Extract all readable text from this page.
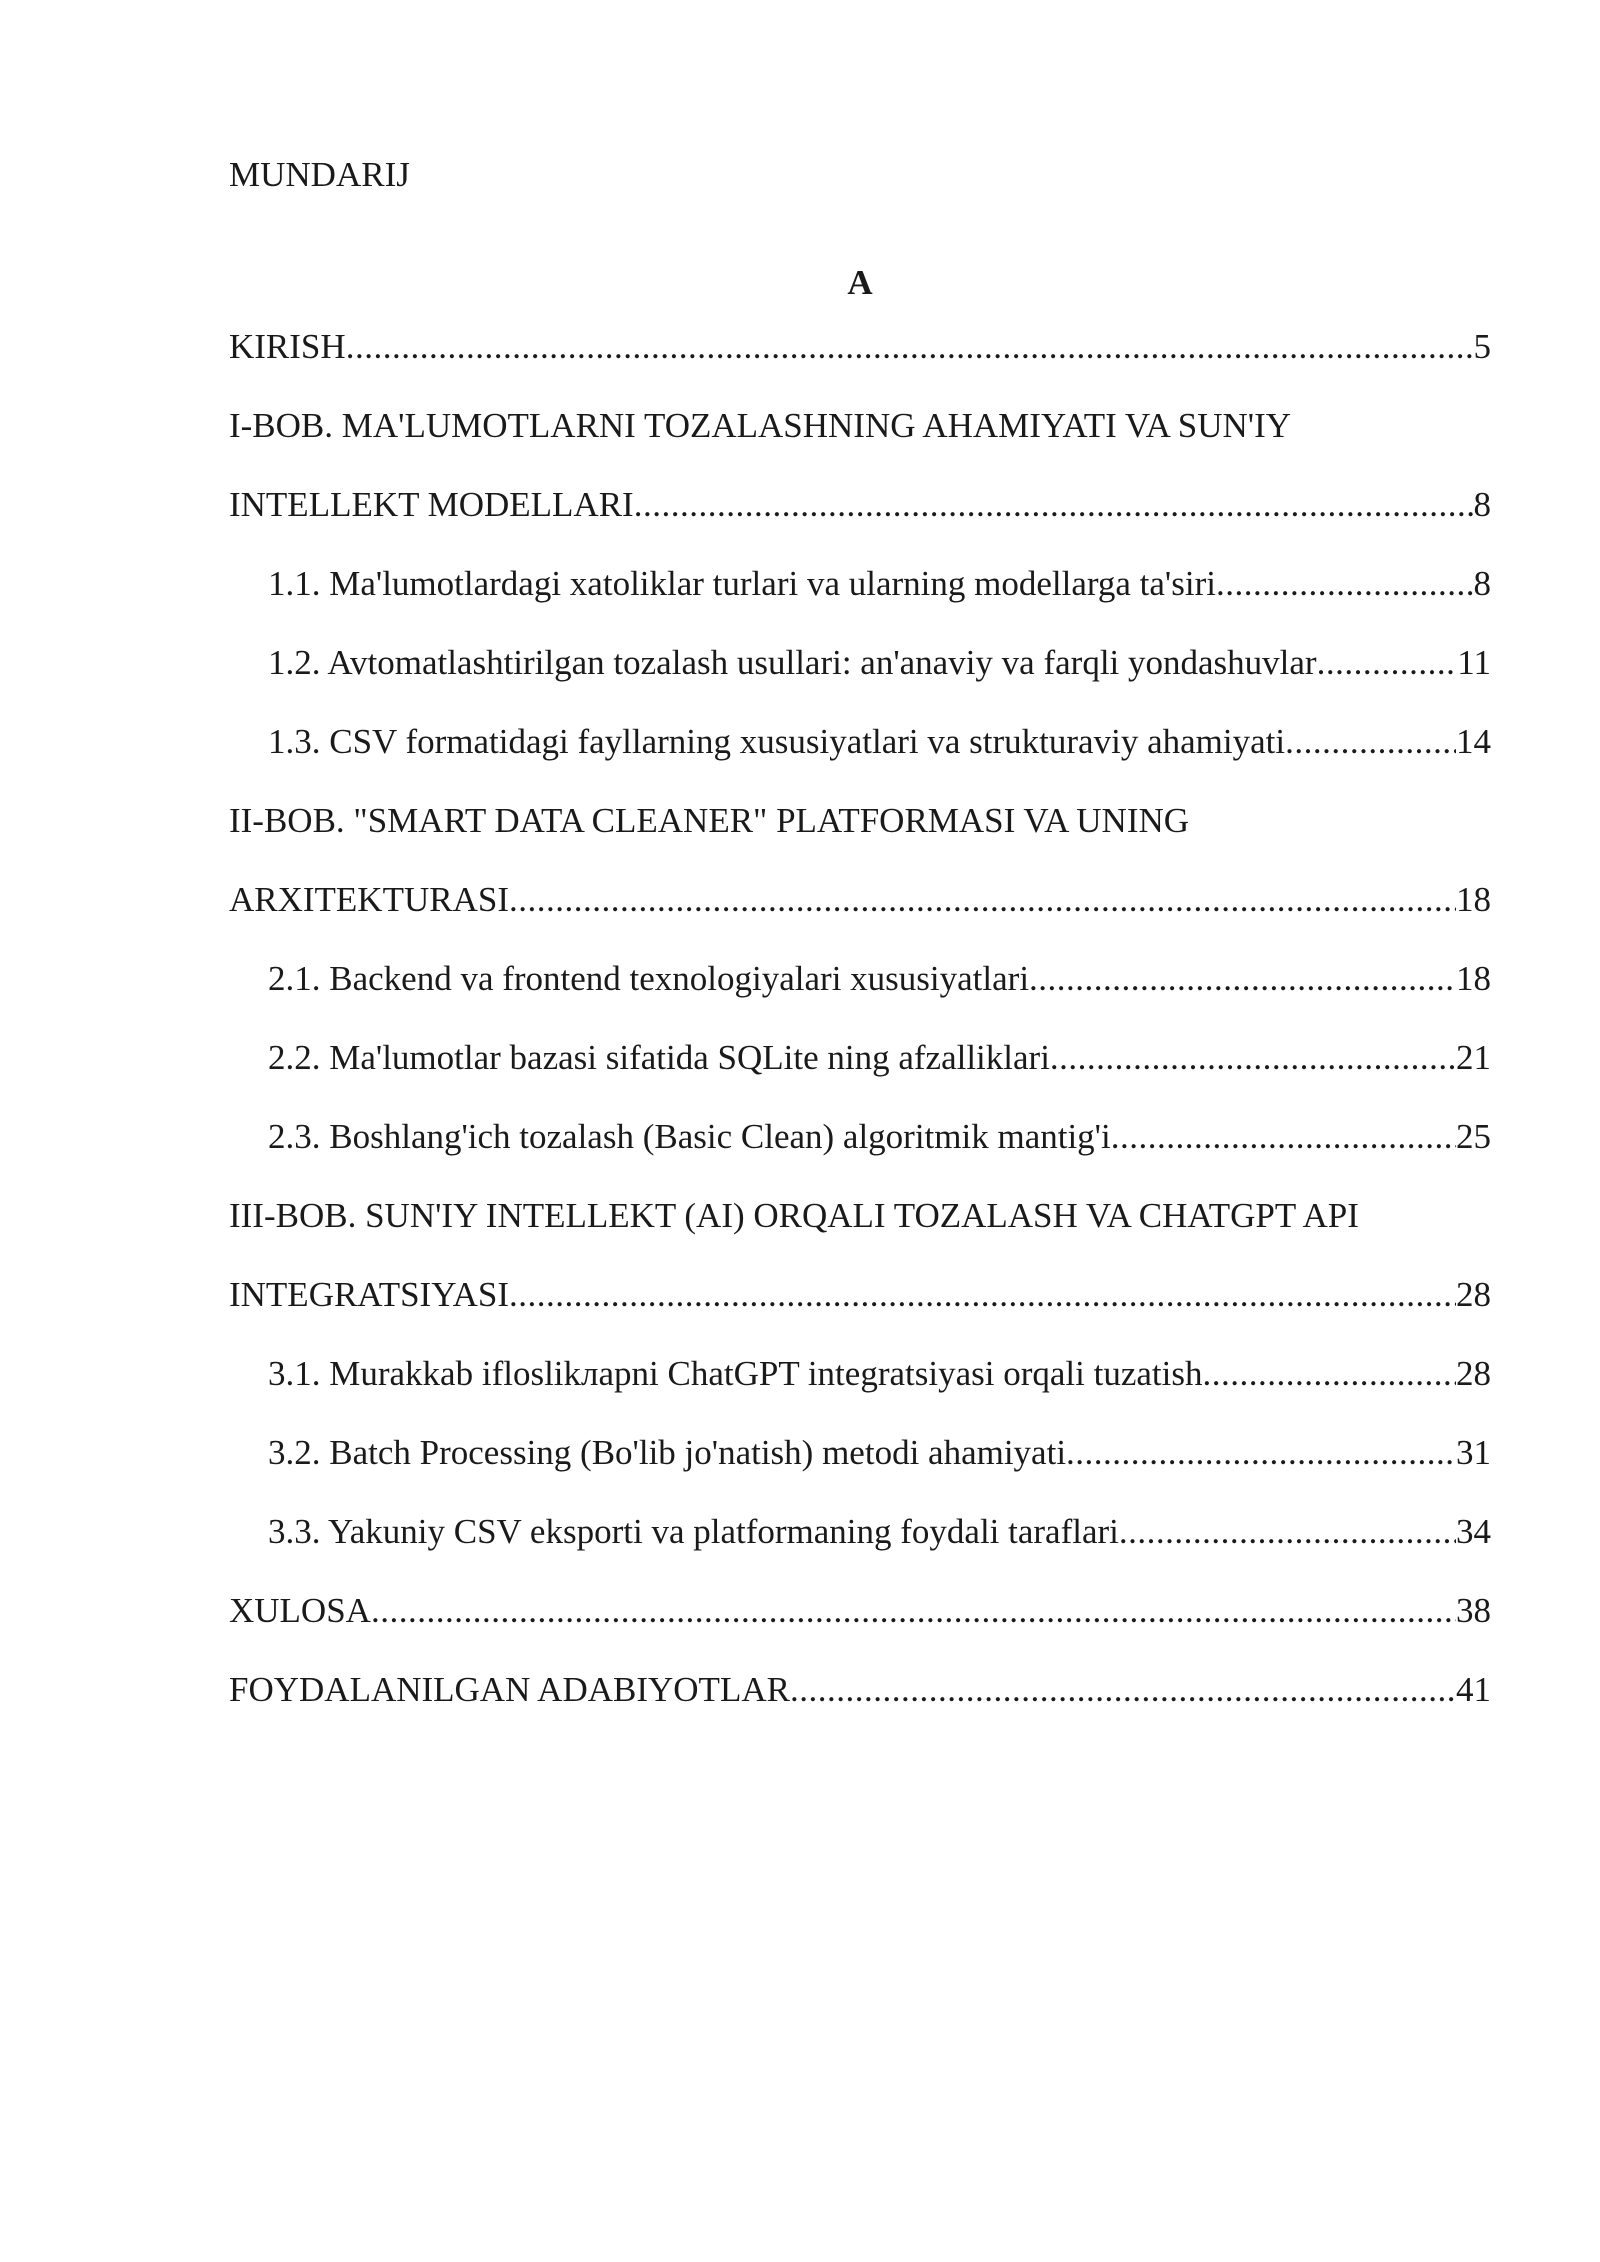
MUNDARIJ
A
KIRISH .....	5
I-BOB. MA'LUMOTLARNI TOZALASHNING AHAMIYATI VA SUN'IY
INTELLEKT MODELLARI .....	8
1.1. Ma'lumotlardagi xatoliklar turlari va ularning modellarga ta'siri .....	8
1.2. Avtomatlashtirilgan tozalash usullari: an'anaviy va farqli yondashuvlar .....	11
1.3. CSV formatidagi fayllarning xususiyatlari va strukturaviy ahamiyati .....	14
II-BOB. "SMART DATA CLEANER" PLATFORMASI VA UNING
ARXITEKTURASI .....	18
2.1. Backend va frontend texnologiyalari xususiyatlari .....	18
2.2. Ma'lumotlar bazasi sifatida SQLite ning afzalliklari .....	21
2.3. Boshlang'ich tozalash (Basic Clean) algoritmik mantig'i .....	25
III-BOB. SUN'IY INTELLEKT (AI) ORQALI TOZALASH VA CHATGPT API
INTEGRATSIYASI .....	28
3.1. Murakkab ifloslikларni ChatGPT integratsiyasi orqali tuzatish .....	28
3.2. Batch Processing (Bo'lib jo'natish) metodi ahamiyati .....	31
3.3. Yakuniy CSV eksporti va platformaning foydali taraflari .....	34
XULOSA .....	38
FOYDALANILGAN ADABIYOTLAR .....	41
